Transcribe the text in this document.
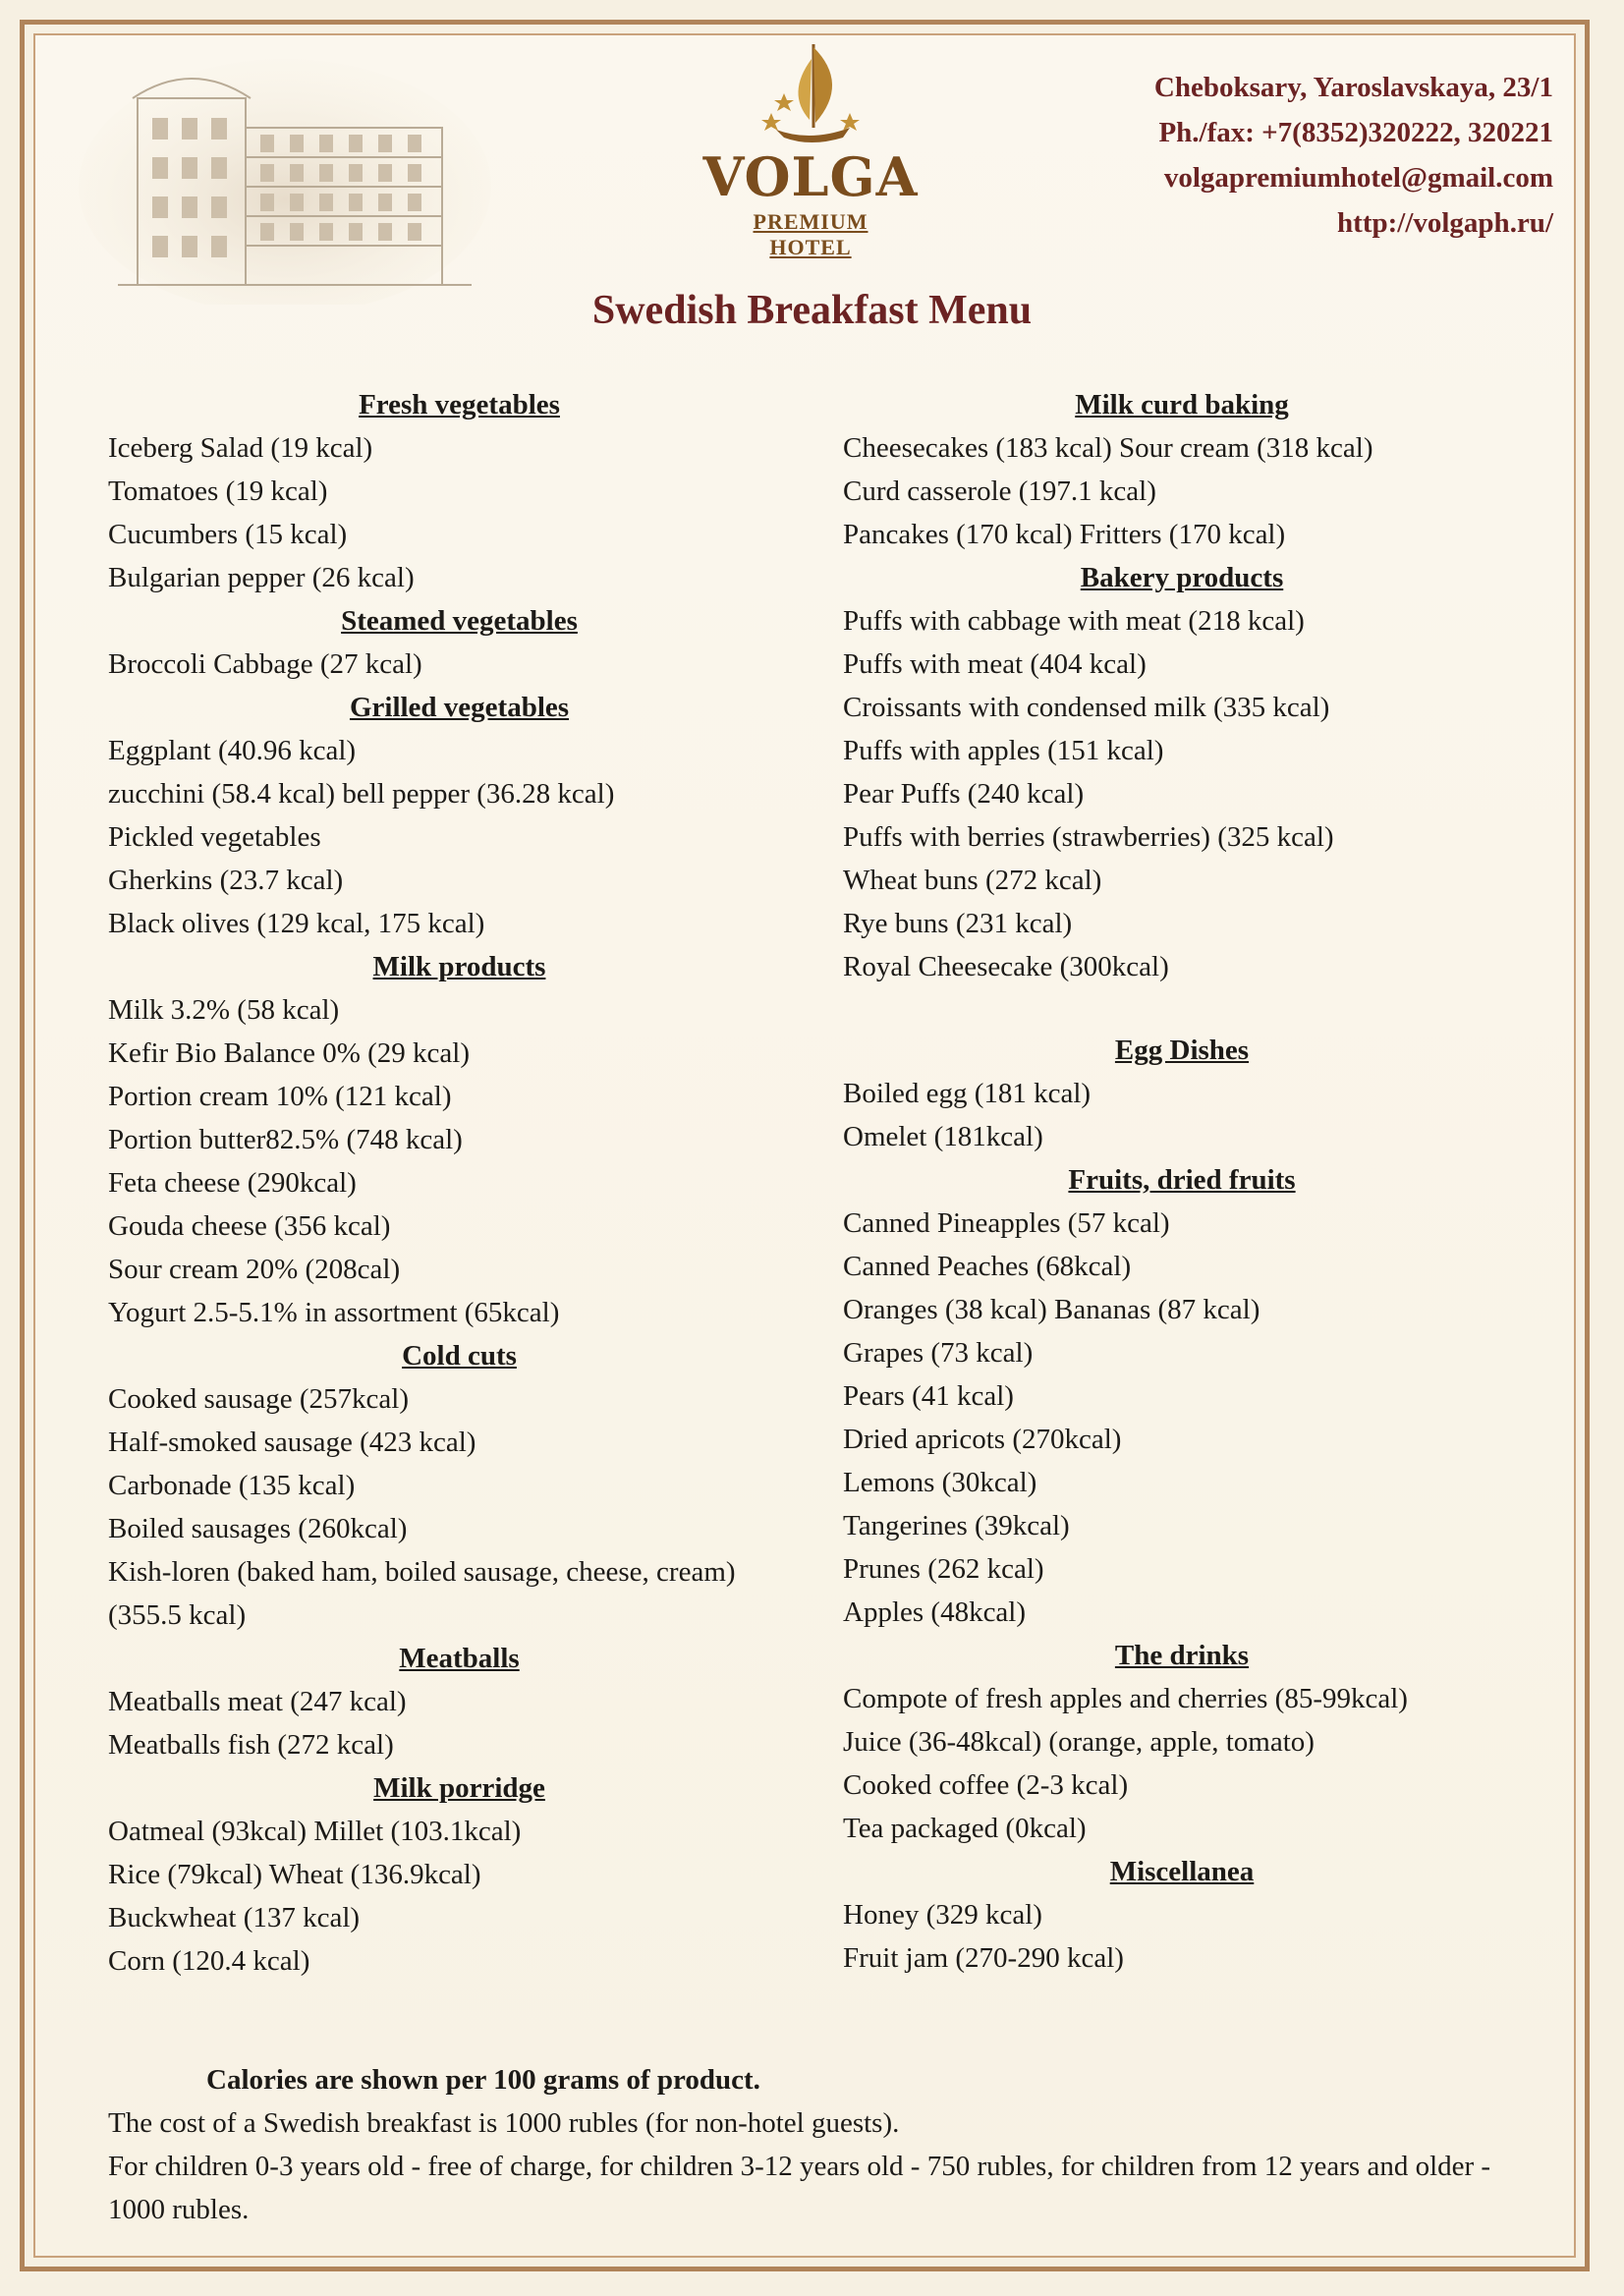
VOLGA
PREMIUM HOTEL
Cheboksary, Yaroslavskaya, 23/1
Ph./fax: +7(8352)320222, 320221
volgapremiumhotel@gmail.com
http://volgaph.ru/
Swedish Breakfast Menu
Fresh vegetables
Iceberg Salad (19 kcal)
Tomatoes (19 kcal)
Cucumbers (15 kcal)
Bulgarian pepper (26 kcal)
Steamed vegetables
Broccoli Cabbage (27 kcal)
Grilled vegetables
Eggplant (40.96 kcal)
zucchini (58.4 kcal) bell pepper (36.28 kcal)
Pickled vegetables
Gherkins (23.7 kcal)
Black olives (129 kcal, 175 kcal)
Milk products
Milk 3.2% (58 kcal)
Kefir Bio Balance 0% (29 kcal)
Portion cream 10% (121 kcal)
Portion butter82.5% (748 kcal)
Feta cheese (290kcal)
Gouda cheese (356 kcal)
Sour cream 20% (208cal)
Yogurt 2.5-5.1% in assortment (65kcal)
Cold cuts
Cooked sausage (257kcal)
Half-smoked sausage (423 kcal)
Carbonade (135 kcal)
Boiled sausages (260kcal)
Kish-loren (baked ham, boiled sausage, cheese, cream) (355.5 kcal)
Meatballs
Meatballs meat (247 kcal)
Meatballs fish (272 kcal)
Milk porridge
Oatmeal (93kcal) Millet (103.1kcal)
Rice (79kcal) Wheat (136.9kcal)
Buckwheat (137 kcal)
Corn (120.4 kcal)
Milk curd baking
Cheesecakes (183 kcal) Sour cream (318 kcal)
Curd casserole (197.1 kcal)
Pancakes (170 kcal) Fritters (170 kcal)
Bakery products
Puffs with cabbage with meat (218 kcal)
Puffs with meat (404 kcal)
Croissants with condensed milk (335 kcal)
Puffs with apples (151 kcal)
Pear Puffs (240 kcal)
Puffs with berries (strawberries) (325 kcal)
Wheat buns (272 kcal)
Rye buns (231 kcal)
Royal Cheesecake (300kcal)
Egg Dishes
Boiled egg (181 kcal)
Omelet (181kcal)
Fruits, dried fruits
Canned Pineapples (57 kcal)
Canned Peaches (68kcal)
Oranges (38 kcal) Bananas (87 kcal)
Grapes (73 kcal)
Pears (41 kcal)
Dried apricots (270kcal)
Lemons (30kcal)
Tangerines (39kcal)
Prunes (262 kcal)
Apples (48kcal)
The drinks
Compote of fresh apples and cherries (85-99kcal)
Juice (36-48kcal) (orange, apple, tomato)
Cooked coffee (2-3 kcal)
Tea packaged (0kcal)
Miscellanea
Honey (329 kcal)
Fruit jam (270-290 kcal)
Calories are shown per 100 grams of product.
The cost of a Swedish breakfast is 1000 rubles (for non-hotel guests).
For children 0-3 years old - free of charge, for children 3-12 years old - 750 rubles, for children from 12 years and older - 1000 rubles.
